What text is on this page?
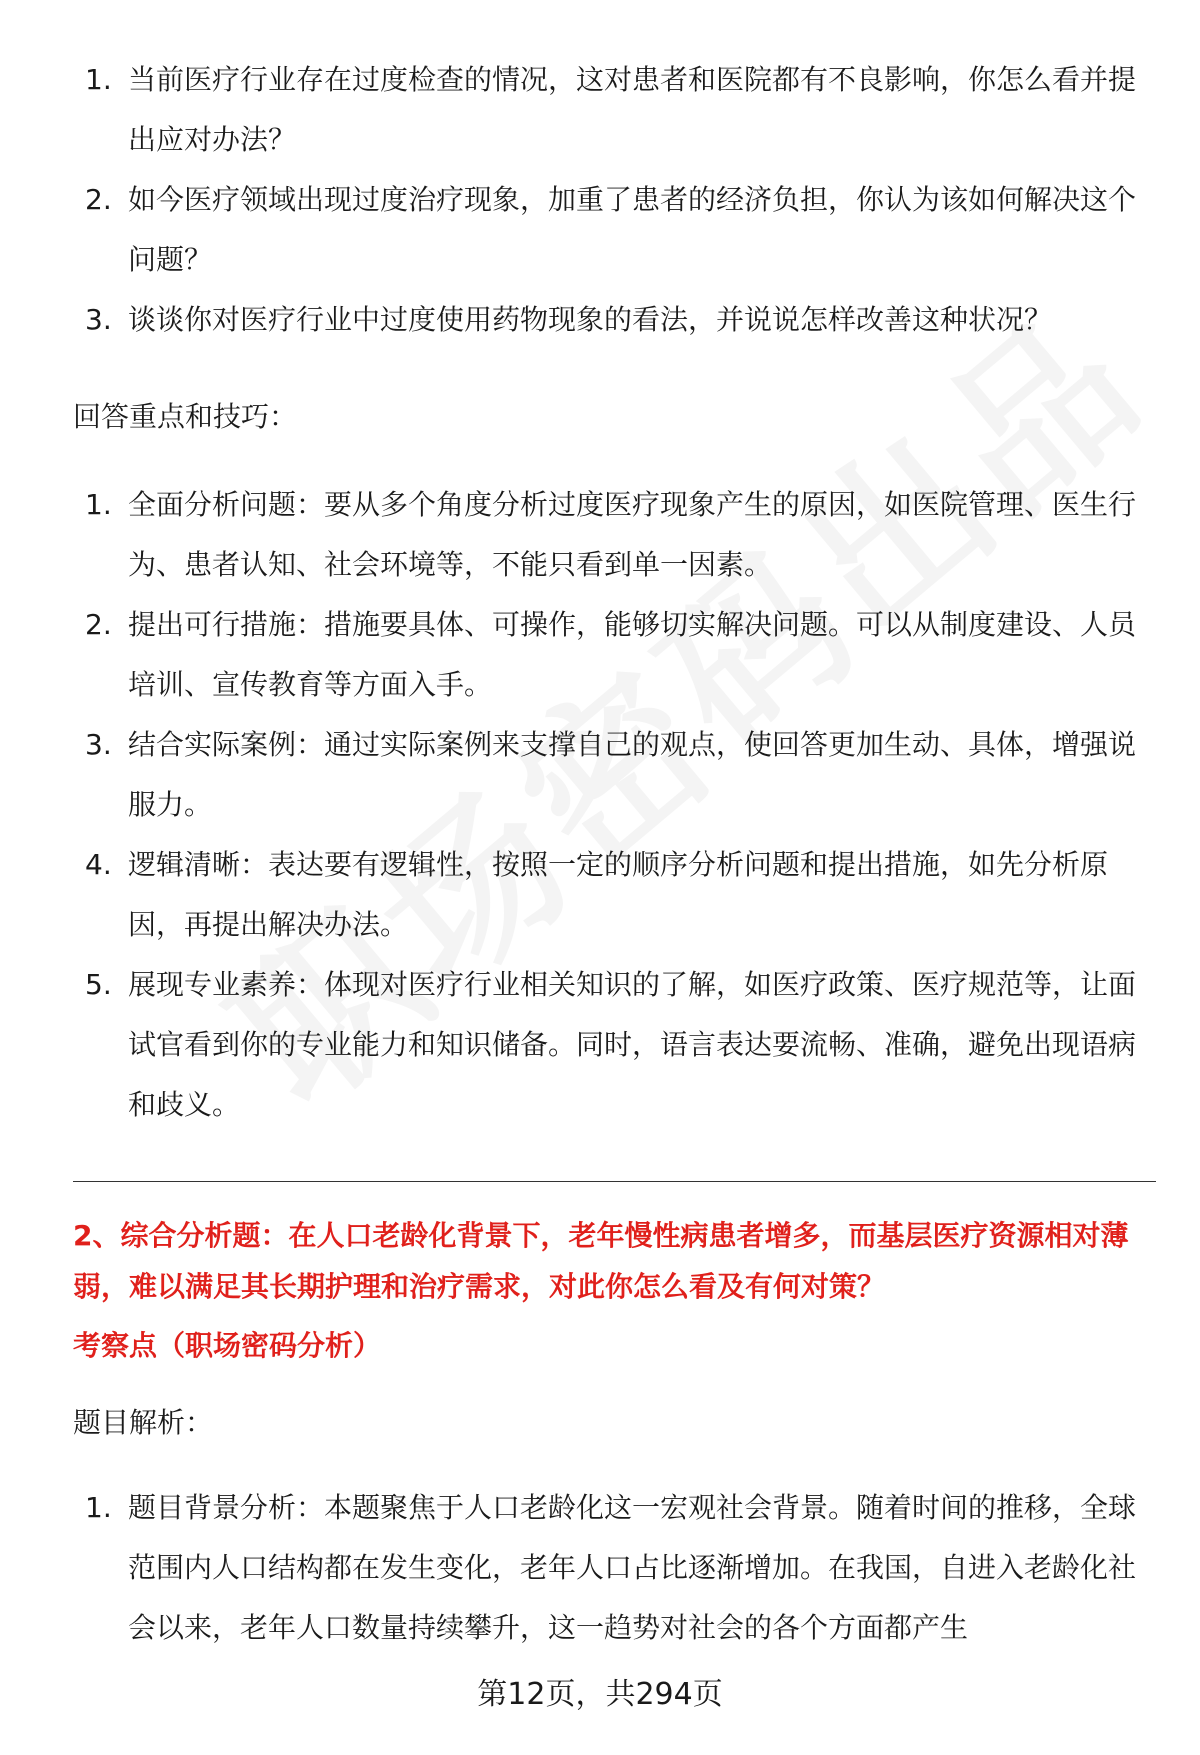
1. 当前医疗行业存在过度检查的情况，这对患者和医院都有不良影响，你怎么看并提出应对办法？
2. 如今医疗领域出现过度治疗现象，加重了患者的经济负担，你认为该如何解决这个问题？
3. 谈谈你对医疗行业中过度使用药物现象的看法，并说说怎样改善这种状况？
回答重点和技巧：
1. 全面分析问题：要从多个角度分析过度医疗现象产生的原因，如医院管理、医生行为、患者认知、社会环境等，不能只看到单一因素。
2. 提出可行措施：措施要具体、可操作，能够切实解决问题。可以从制度建设、人员培训、宣传教育等方面入手。
3. 结合实际案例：通过实际案例来支撑自己的观点，使回答更加生动、具体，增强说服力。
4. 逻辑清晰：表达要有逻辑性，按照一定的顺序分析问题和提出措施，如先分析原因，再提出解决办法。
5. 展现专业素养：体现对医疗行业相关知识的了解，如医疗政策、医疗规范等，让面试官看到你的专业能力和知识储备。同时，语言表达要流畅、准确，避免出现语病和歧义。
2、综合分析题：在人口老龄化背景下，老年慢性病患者增多，而基层医疗资源相对薄弱，难以满足其长期护理和治疗需求，对此你怎么看及有何对策？
考察点（职场密码分析）
题目解析：
1. 题目背景分析：本题聚焦于人口老龄化这一宏观社会背景。随着时间的推移，全球范围内人口结构都在发生变化，老年人口占比逐渐增加。在我国，自进入老龄化社会以来，老年人口数量持续攀升，这一趋势对社会的各个方面都产生
第12页，共294页
